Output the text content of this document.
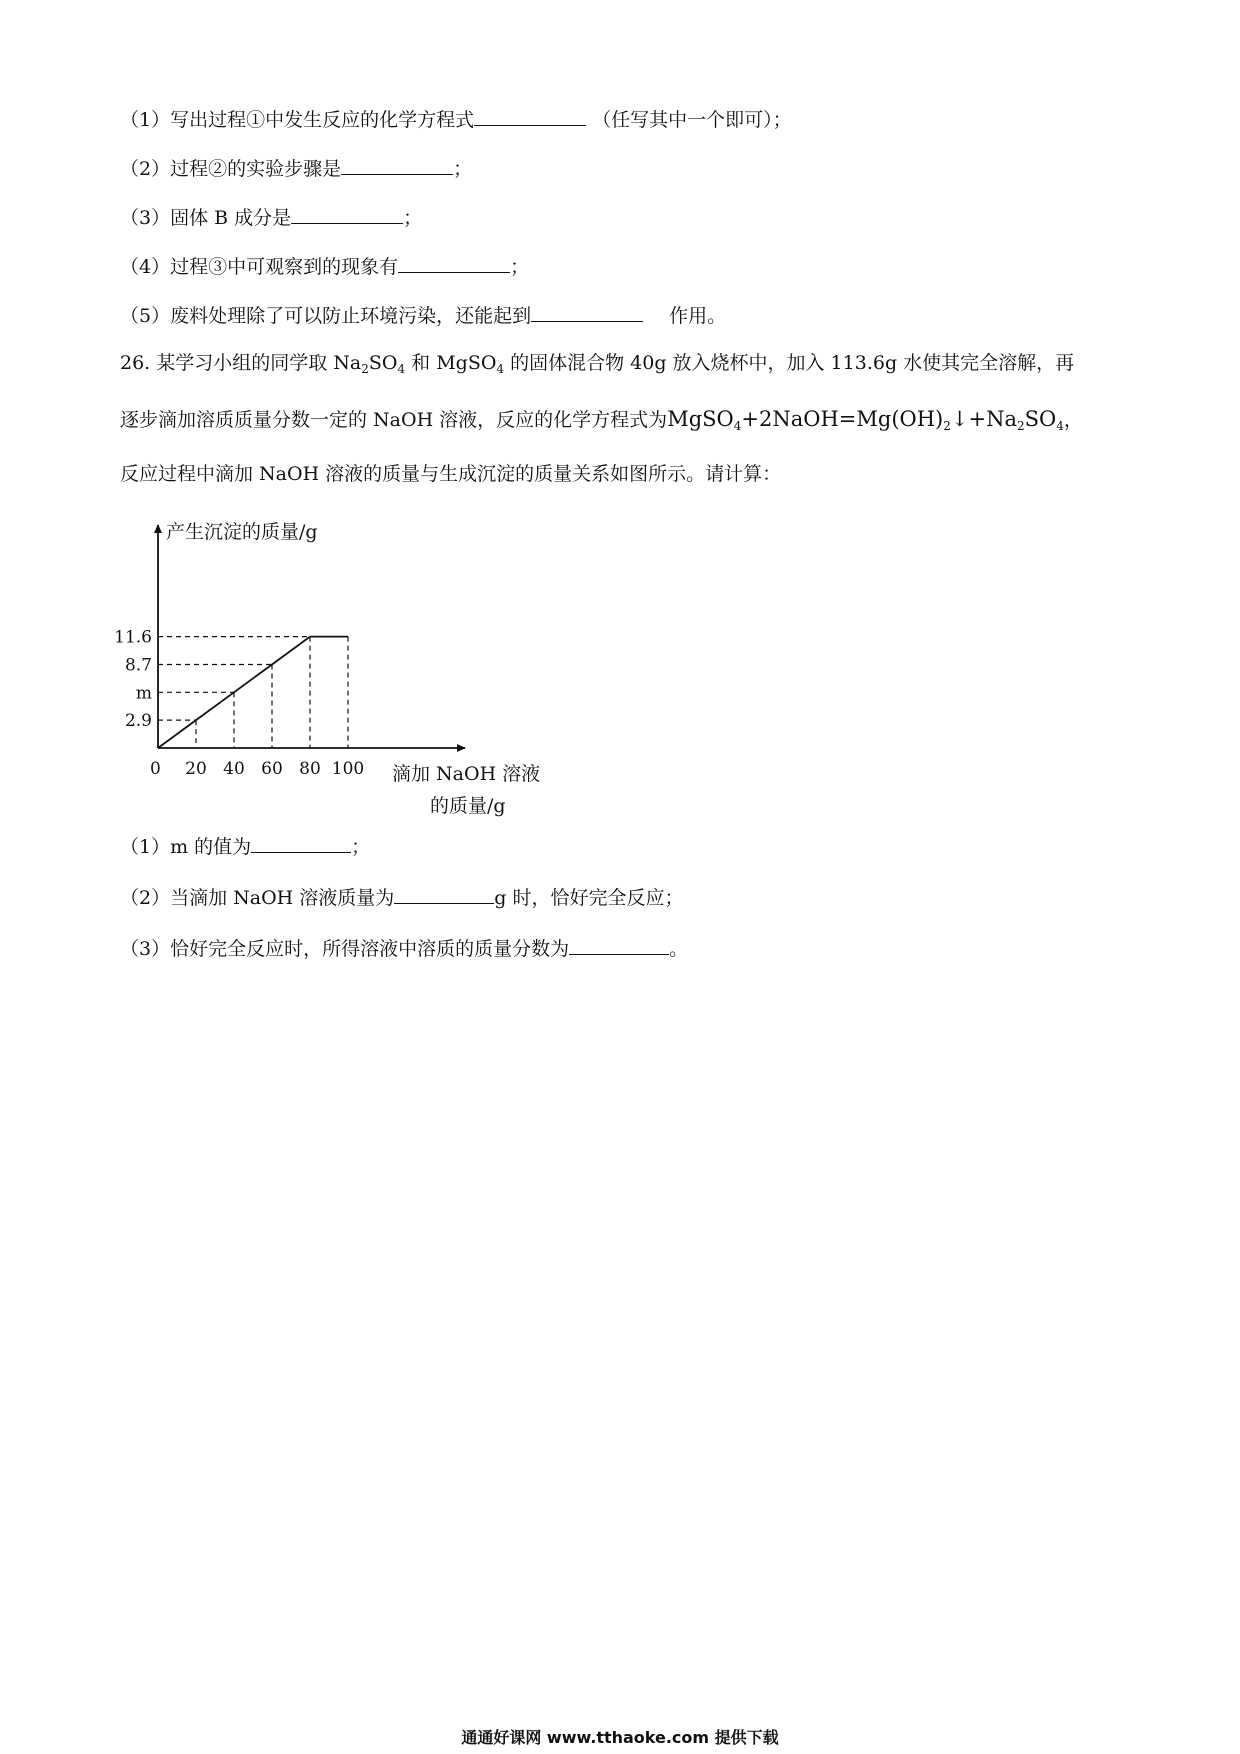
（1）写出过程①中发生反应的化学方程式	（任写其中一个即可）；
（2）过程②的实验步骤是	；
（3）固体 B 成分是	；
（4）过程③中可观察到的现象有	；
（5）废料处理除了可以防止环境污染，还能起到	作用。
26. 某学习小组的同学取 $Na_2SO_4$ 和 MgSO$_4$ 的固体混合物 40g 放入烧杯中，加入 113.6g 水使其完全溶解，再
逐步滴加溶质质量分数一定的 NaOH 溶液，反应的化学方程式为$MgSO_4+2NaOH=Mg(OH)_2↓+Na_2SO_4$，
反应过程中滴加 NaOH 溶液的质量与生成沉淀的质量关系如图所示。请计算：
产生沉淀的质量/g
滴加 NaOH 溶液
的质量/g
0
2.9
m
8.7
11.6
20 40 60 80 100
（1）m 的值为	；
（2）当滴加 NaOH 溶液质量为	g 时，恰好完全反应；
（3）恰好完全反应时，所得溶液中溶质的质量分数为	。
通通好课网 www.tthaoke.com 提供下载
